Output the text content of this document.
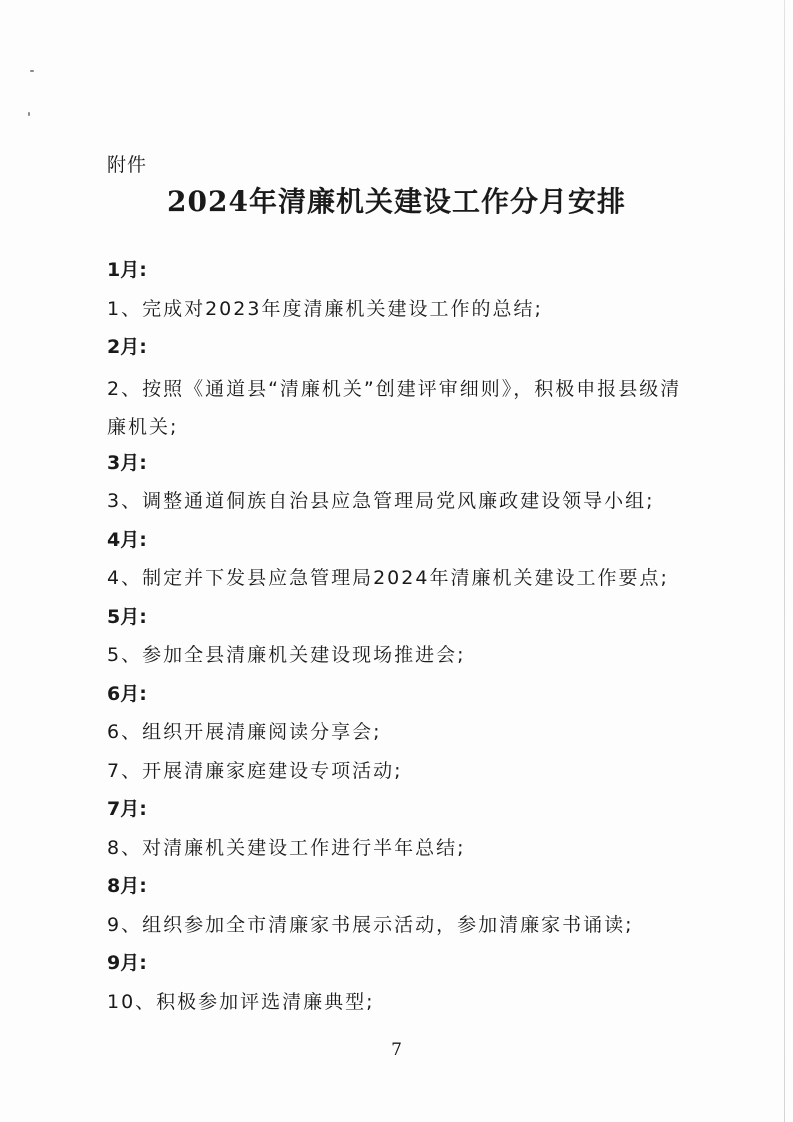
附件
2024年清廉机关建设工作分月安排
1月:
1、完成对2023年度清廉机关建设工作的总结;
2月:
2、按照《通道县“清廉机关”创建评审细则》，积极申报县级清廉机关;
3月:
3、调整通道侗族自治县应急管理局党风廉政建设领导小组;
4月:
4、制定并下发县应急管理局2024年清廉机关建设工作要点;
5月:
5、参加全县清廉机关建设现场推进会;
6月:
6、组织开展清廉阅读分享会;
7、开展清廉家庭建设专项活动;
7月:
8、对清廉机关建设工作进行半年总结;
8月:
9、组织参加全市清廉家书展示活动，参加清廉家书诵读;
9月:
10、积极参加评选清廉典型;
7
